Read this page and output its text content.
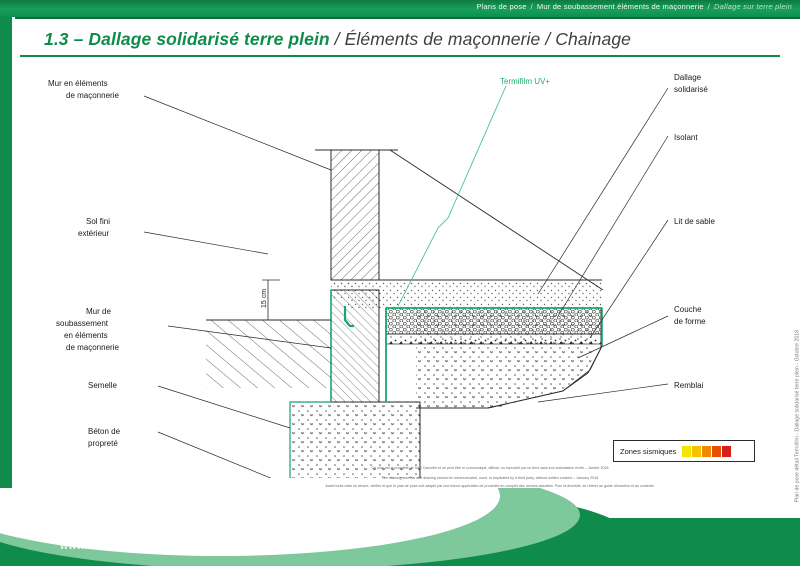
Plans de pose / Mur de soubassement éléments de maçonnerie / Dallage sur terre plein
1.3 – Dallage solidarisé terre plein / Éléments de maçonnerie / Chainage
15 cm
Mur en éléments
de maçonnerie
Sol fini
extérieur
Mur de
soubassement
en éléments
de maçonnerie
Semelle
Béton de
propreté
Dallage
solidarisé
Isolant
Lit de sable
Couche
de forme
Remblai
Termifilm UV+
Zones sismiques
Ce plan est la propriété de SAS Cannelle et ne peut être ni communiqué, diffusé, ou reproduit par un tiers sans son autorisation écrite – Janvier 2018
The drawing and this and drawing cannot be communicated, used, or duplicated by a third party, without written consent – January 2018
Avant toute mise en œuvre, vérifier et que le plan de pose soit adapté par une bonne application de procédés en complet des normes actuelles. Pour la diversité, se référer au guide d'insertion et au contexte.	Plan de pose détail Termifilm ‑ Dallage solidarisé terre plein ‑ Octobre 2018
www.termifilm.fr
